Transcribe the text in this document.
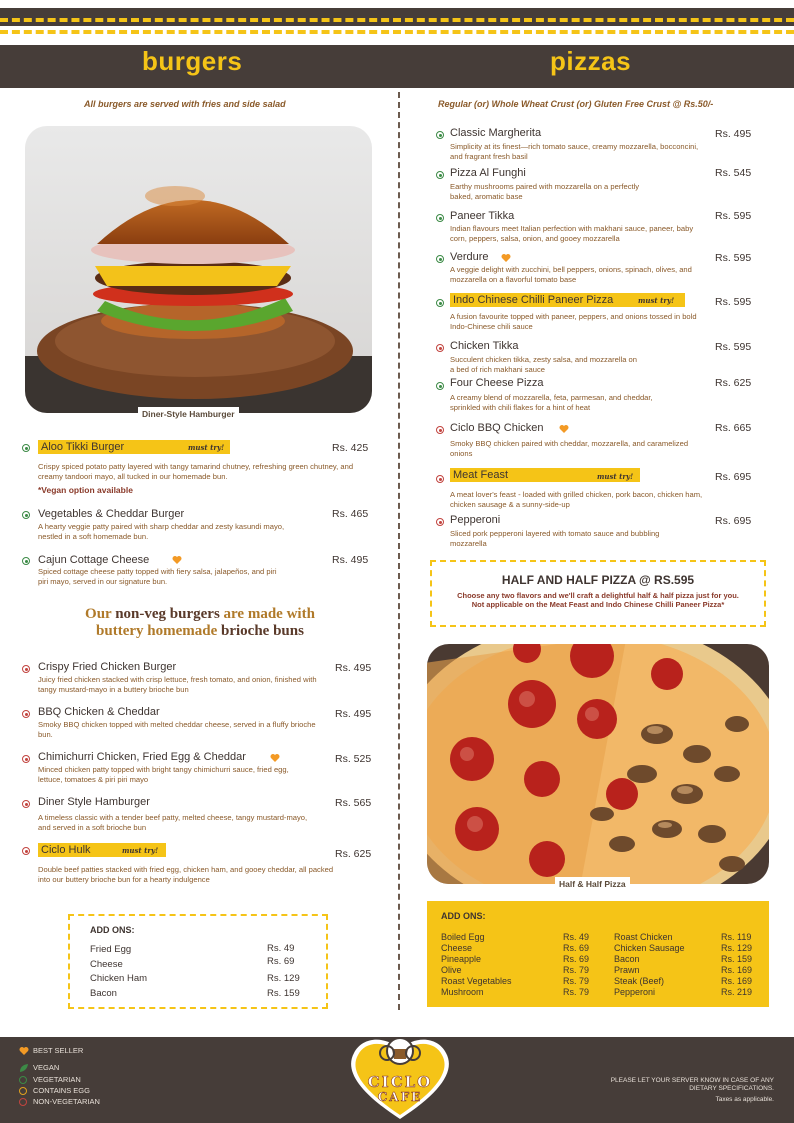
burgers	pizzas
All burgers are served with fries and side salad	Regular (or) Whole Wheat Crust (or) Gluten Free Crust @ Rs.50/-
Diner-Style Hamburger
Aloo Tikki Burger	must try!	Rs. 425
Crispy spiced potato patty layered with tangy tamarind chutney, refreshing green chutney, and creamy tandoori mayo, all tucked in our homemade bun.
*Vegan option available
Vegetables & Cheddar Burger	Rs. 465
A hearty veggie patty paired with sharp cheddar and zesty kasundi mayo, nestled in a soft homemade bun.
Cajun Cottage Cheese	Rs. 495
Spiced cottage cheese patty topped with fiery salsa, jalapeños, and piri piri mayo, served in our signature bun.
Our non-veg burgers are made with
buttery homemade brioche buns
Crispy Fried Chicken Burger	Rs. 495
Juicy fried chicken stacked with crisp lettuce, fresh tomato, and onion, finished with tangy mustard-mayo in a buttery brioche bun
BBQ Chicken & Cheddar	Rs. 495
Smoky BBQ chicken topped with melted cheddar cheese, served in a fluffy brioche bun.
Chimichurri Chicken, Fried Egg & Cheddar	Rs. 525
Minced chicken patty topped with bright tangy chimichurri sauce, fried egg, lettuce, tomatoes & piri piri mayo
Diner Style Hamburger	Rs. 565
A timeless classic with a tender beef patty, melted cheese, tangy mustard-mayo, and served in a soft brioche bun
Ciclo Hulk	must try!	Rs. 625
Double beef patties stacked with fried egg, chicken ham, and gooey cheddar, all packed into our buttery brioche bun for a hearty indulgence
ADD ONS:
Fried Egg	Rs. 49
Cheese	Rs. 69
Chicken Ham	Rs. 129
Bacon	Rs. 159
Classic Margherita	Rs. 495
Simplicity at its finest—rich tomato sauce, creamy mozzarella, bocconcini, and fragrant fresh basil
Pizza Al Funghi	Rs. 545
Earthy mushrooms paired with mozzarella on a perfectly baked, aromatic base
Paneer Tikka	Rs. 595
Indian flavours meet Italian perfection with makhani sauce, paneer, baby corn, peppers, salsa, onion, and gooey mozzarella
Verdure	Rs. 595
A veggie delight with zucchini, bell peppers, onions, spinach, olives, and mozzarella on a flavorful tomato base
Indo Chinese Chilli Paneer Pizza	must try!	Rs. 595
A fusion favourite topped with paneer, peppers, and onions tossed in bold Indo-Chinese chili sauce
Chicken Tikka	Rs. 595
Succulent chicken tikka, zesty salsa, and mozzarella on a bed of rich makhani sauce
Four Cheese Pizza	Rs. 625
A creamy blend of mozzarella, feta, parmesan, and cheddar, sprinkled with chili flakes for a hint of heat
Ciclo BBQ Chicken	Rs. 665
Smoky BBQ chicken paired with cheddar, mozzarella, and caramelized onions
Meat Feast	must try!	Rs. 695
A meat lover's feast - loaded with grilled chicken, pork bacon, chicken ham, chicken sausage & a sunny-side-up
Pepperoni	Rs. 695
Sliced pork pepperoni layered with tomato sauce and bubbling mozzarella
HALF AND HALF PIZZA @ RS.595
Choose any two flavors and we'll craft a delightful half & half pizza just for you.
Not applicable on the Meat Feast and Indo Chinese Chilli Paneer Pizza*
Half & Half Pizza
ADD ONS:
Boiled Egg	Rs. 49
Cheese	Rs. 69
Pineapple	Rs. 69
Olive	Rs. 79
Roast Vegetables	Rs. 79
Mushroom	Rs. 79
Roast Chicken	Rs. 119
Chicken Sausage	Rs. 129
Bacon	Rs. 159
Prawn	Rs. 169
Steak (Beef)	Rs. 169
Pepperoni	Rs. 219
BEST SELLER
VEGAN
VEGETARIAN
CONTAINS EGG
NON-VEGETARIAN
CICLO
CAFE
PLEASE LET YOUR SERVER KNOW IN CASE OF ANY
DIETARY SPECIFICATIONS.
Taxes as applicable.
